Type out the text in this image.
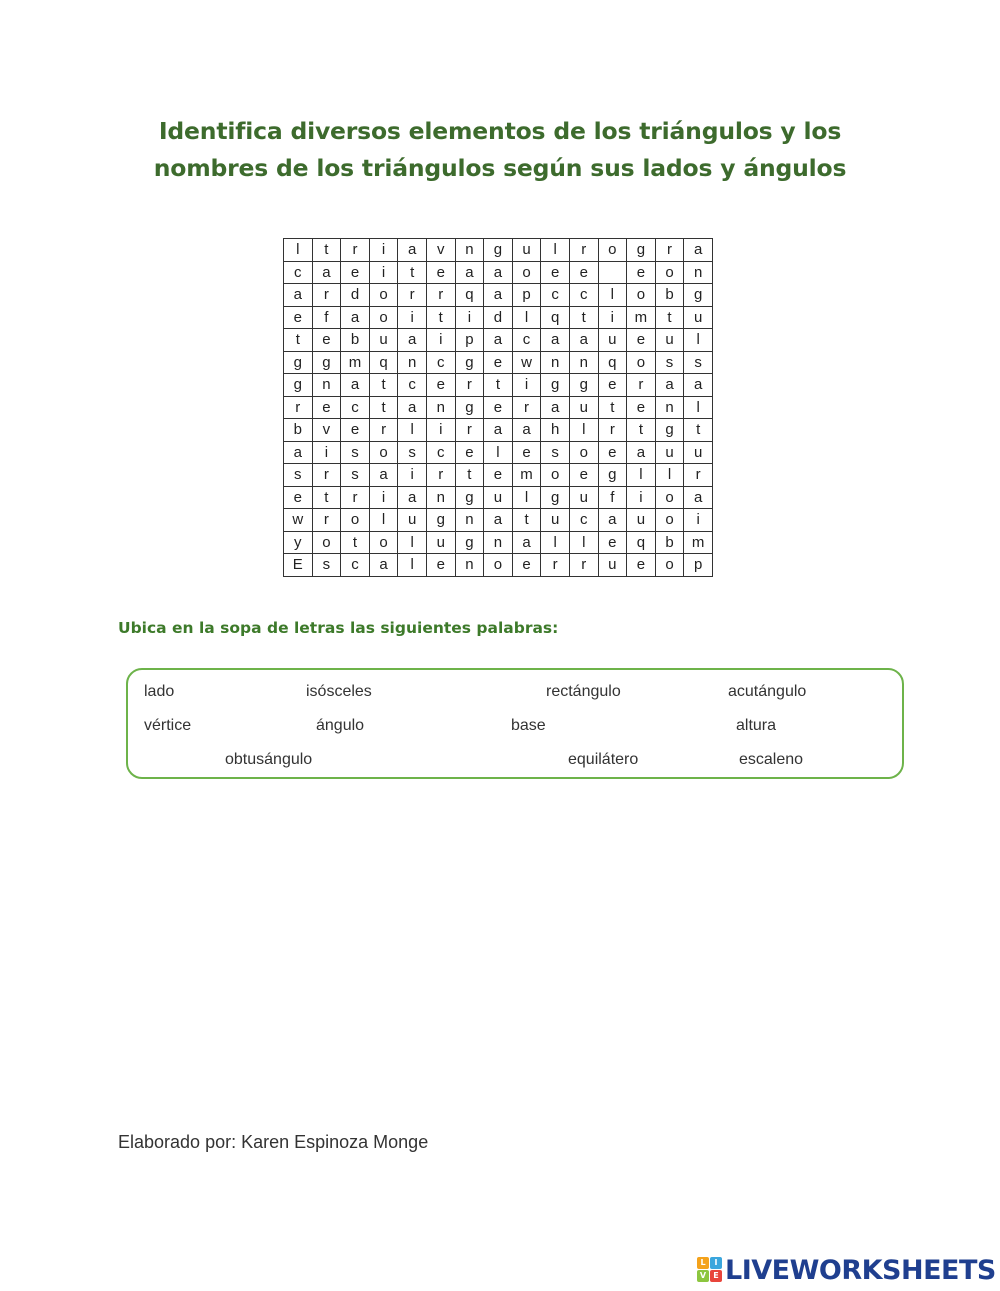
Identifica diversos elementos de los triángulos y los
nombres de los triángulos según sus lados y ángulos
l	t	r	i	a	v	n	g	u	l	r	o	g	r	a
c	a	e	i	t	e	a	a	o	e	e		e	o	n
a	r	d	o	r	r	q	a	p	c	c	l	o	b	g
e	f	a	o	i	t	i	d	l	q	t	i	m	t	u
t	e	b	u	a	i	p	a	c	a	a	u	e	u	l
g	g	m	q	n	c	g	e	w	n	n	q	o	s	s
g	n	a	t	c	e	r	t	i	g	g	e	r	a	a
r	e	c	t	a	n	g	e	r	a	u	t	e	n	l
b	v	e	r	l	i	r	a	a	h	l	r	t	g	t
a	i	s	o	s	c	e	l	e	s	o	e	a	u	u
s	r	s	a	i	r	t	e	m	o	e	g	l	l	r
e	t	r	i	a	n	g	u	l	g	u	f	i	o	a
w	r	o	l	u	g	n	a	t	u	c	a	u	o	i
y	o	t	o	l	u	g	n	a	l	l	e	q	b	m
E	s	c	a	l	e	n	o	e	r	r	u	e	o	p
Ubica en la sopa de letras las siguientes palabras:
lado	isósceles	rectángulo	acutángulo
vértice	ángulo	base	altura
obtusángulo	equilátero	escaleno
Elaborado por: Karen Espinoza Monge
L	I
V E LIVEWORKSHEETS
